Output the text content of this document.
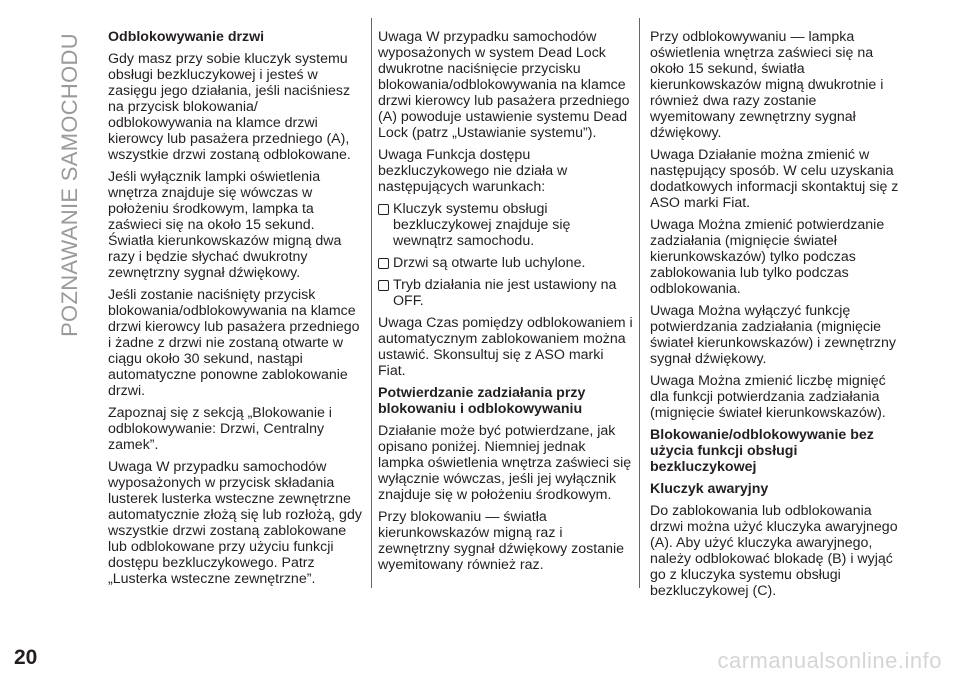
POZNAWANIE SAMOCHODU Odblokowywanie drzwi

Gdy masz przy sobie kluczyk systemu obsługi bezkluczykowej i jesteś w zasięgu jego działania, jeśli naciśniesz na przycisk blokowania/ odblokowywania na klamce drzwi kierowcy lub pasażera przedniego (A), wszystkie drzwi zostaną odblokowane.

Jeśli wyłącznik lampki oświetlenia wnętrza znajduje się wówczas w położeniu środkowym, lampka ta zaświeci się na około 15 sekund. Światła kierunkowskazów migną dwa razy i będzie słychać dwukrotny zewnętrzny sygnał dźwiękowy.

Jeśli zostanie naciśnięty przycisk blokowania/odblokowywania na klamce drzwi kierowcy lub pasażera przedniego i żadne z drzwi nie zostaną otwarte w ciągu około 30 sekund, nastąpi automatyczne ponowne zablokowanie drzwi.

Zapoznaj się z sekcją „Blokowanie i odblokowywanie: Drzwi, Centralny zamek”.

Uwaga W przypadku samochodów wyposażonych w przycisk składania lusterek lusterka wsteczne zewnętrzne automatycznie złożą się lub rozłożą, gdy wszystkie drzwi zostaną zablokowane lub odblokowane przy użyciu funkcji dostępu bezkluczykowego. Patrz „Lusterka wsteczne zewnętrzne”.

Uwaga W przypadku samochodów wyposażonych w system Dead Lock dwukrotne naciśnięcie przycisku blokowania/odblokowywania na klamce drzwi kierowcy lub pasażera przedniego (A) powoduje ustawienie systemu Dead Lock (patrz „Ustawianie systemu”).

Uwaga Funkcja dostępu bezkluczykowego nie działa w następujących warunkach:

Kluczyk systemu obsługi bezkluczykowej znajduje się wewnątrz samochodu.
Drzwi są otwarte lub uchylone.
Tryb działania nie jest ustawiony na OFF.

Uwaga Czas pomiędzy odblokowaniem i automatycznym zablokowaniem można ustawić. Skonsultuj się z ASO marki Fiat.

Potwierdzanie zadziałania przy blokowaniu i odblokowywaniu

Działanie może być potwierdzane, jak opisano poniżej. Niemniej jednak lampka oświetlenia wnętrza zaświeci się wyłącznie wówczas, jeśli jej wyłącznik znajduje się w położeniu środkowym.

Przy blokowaniu — światła kierunkowskazów migną raz i zewnętrzny sygnał dźwiękowy zostanie wyemitowany również raz.

Przy odblokowywaniu — lampka oświetlenia wnętrza zaświeci się na około 15 sekund, światła kierunkowskazów migną dwukrotnie i również dwa razy zostanie wyemitowany zewnętrzny sygnał dźwiękowy.

Uwaga Działanie można zmienić w następujący sposób. W celu uzyskania dodatkowych informacji skontaktuj się z ASO marki Fiat.

Uwaga Można zmienić potwierdzanie zadziałania (mignięcie świateł kierunkowskazów) tylko podczas zablokowania lub tylko podczas odblokowania.

Uwaga Można wyłączyć funkcję potwierdzania zadziałania (mignięcie świateł kierunkowskazów) i zewnętrzny sygnał dźwiękowy.

Uwaga Można zmienić liczbę mignięć dla funkcji potwierdzania zadziałania (mignięcie świateł kierunkowskazów).

Blokowanie/odblokowywanie bez użycia funkcji obsługi bezkluczykowej
Kluczyk awaryjny

Do zablokowania lub odblokowania drzwi można użyć kluczyka awaryjnego (A). Aby użyć kluczyka awaryjnego, należy odblokować blokadę (B) i wyjąć go z kluczyka systemu obsługi bezkluczykowej (C).

20	carmanualsonline.info
